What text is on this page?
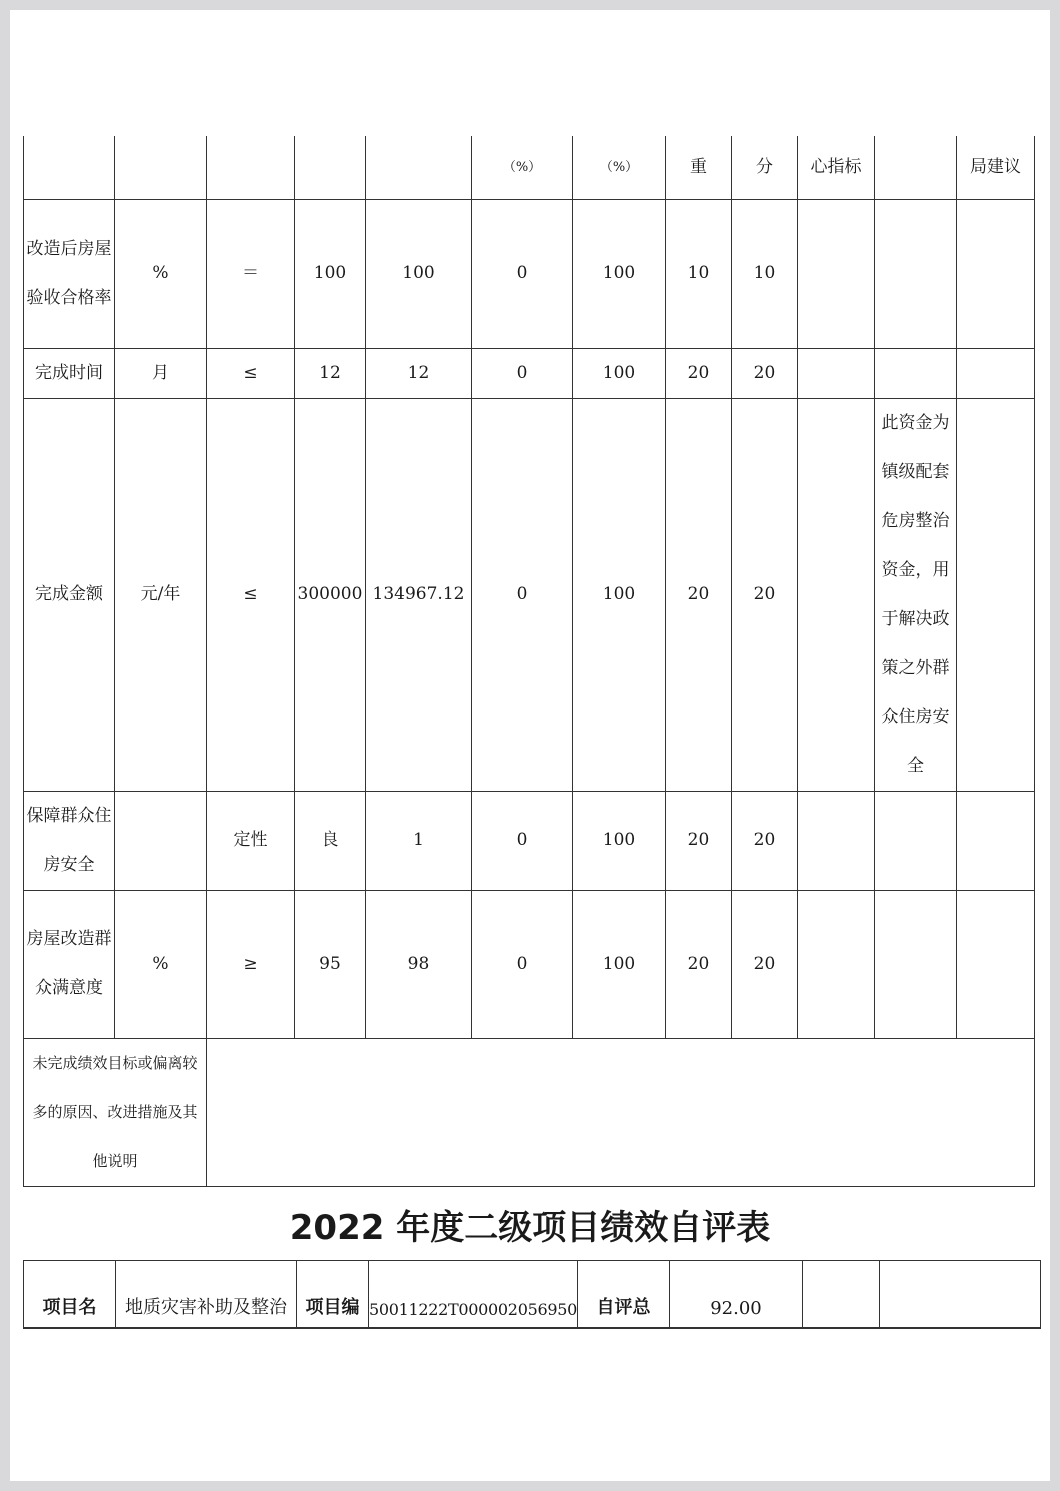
					（%）	（%）	重	分	心指标		局建议
改造后房屋验收合格率	%	＝	100	100	0	100	10	10			
完成时间	月	≤	12	12	0	100	20	20			
完成金额	元/年	≤	300000	134967.12	0	100	20	20		此资金为镇级配套危房整治资金，用于解决政策之外群众住房安全	
保障群众住房安全		定性	良	1	0	100	20	20			
房屋改造群众满意度	%	≥	95	98	0	100	20	20			
未完成绩效目标或偏离较多的原因、改进措施及其他说明											
2022 年度二级项目绩效自评表
项目名	地质灾害补助及整治	项目编	50011222T000002056950	自评总	92.00		
